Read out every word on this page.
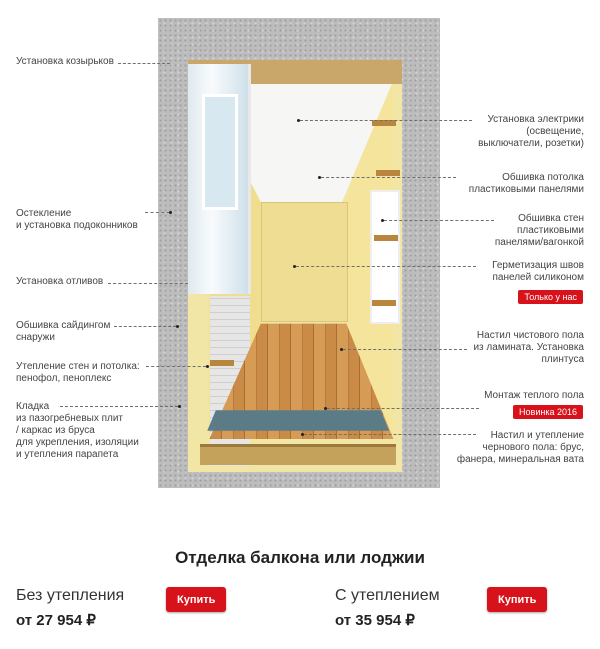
Установка козырьков
Остекление
и установка подоконников
Установка отливов
Обшивка сайдингом
снаружи
Утепление стен и потолка:
пенофол, пеноплекс
Кладка
из пазогребневых плит
/ каркас из бруса
для укрепления, изоляции
и утепления парапета
Установка электрики
(освещение,
выключатели, розетки)
Обшивка потолка
пластиковыми панелями
Обшивка стен
пластиковыми
панелями/вагонкой
Герметизация швов
панелей силиконом
Только у нас
Настил чистового пола
из ламината. Установка
плинтуса
Монтаж теплого пола
Новинка 2016
Настил и утепление
чернового пола: брус,
фанера, минеральная вата
Отделка балкона или лоджии
Без утепления
от 27 954 ₽
Купить	С утеплением
от 35 954 ₽
Купить
